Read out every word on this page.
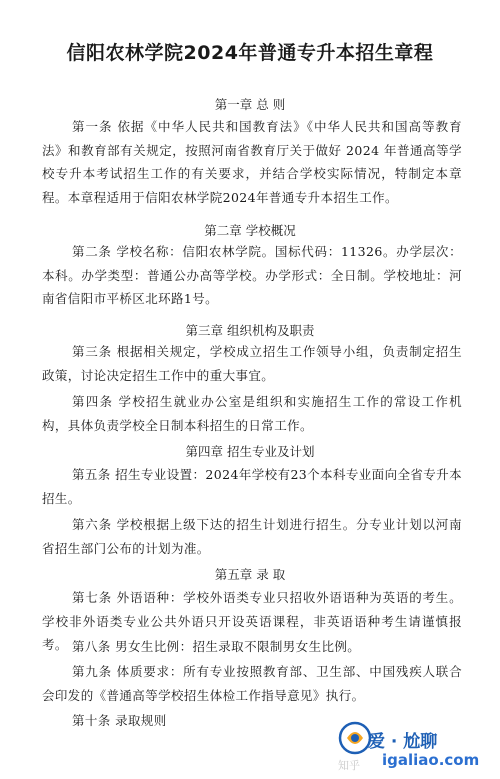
信阳农林学院2024年普通专升本招生章程

第一章 总 则

第一条 依据《中华人民共和国教育法》《中华人民共和国高等教育法》和教育部有关规定，按照河南省教育厅关于做好 2024 年普通高等学校专升本考试招生工作的有关要求，并结合学校实际情况，特制定本章程。本章程适用于信阳农林学院2024年普通专升本招生工作。

第二章 学校概况

第二条 学校名称：信阳农林学院。国标代码：11326。办学层次：本科。办学类型：普通公办高等学校。办学形式：全日制。学校地址：河南省信阳市平桥区北环路1号。

第三章 组织机构及职责

第三条 根据相关规定，学校成立招生工作领导小组，负责制定招生政策，讨论决定招生工作中的重大事宜。

第四条 学校招生就业办公室是组织和实施招生工作的常设工作机构，具体负责学校全日制本科招生的日常工作。

第四章 招生专业及计划

第五条 招生专业设置：2024年学校有23个本科专业面向全省专升本招生。

第六条 学校根据上级下达的招生计划进行招生。分专业计划以河南省招生部门公布的计划为准。

第五章 录 取

第七条 外语语种：学校外语类专业只招收外语语种为英语的考生。学校非外语类专业公共外语只开设英语课程，非英语语种考生请谨慎报考。 第八条 男女生比例：招生录取不限制男女生比例。

第九条 体质要求：所有专业按照教育部、卫生部、中国残疾人联合会印发的《普通高等学校招生体检工作指导意见》执行。

第十条 录取规则

知乎
爱 · 尬聊
igaliao.com
